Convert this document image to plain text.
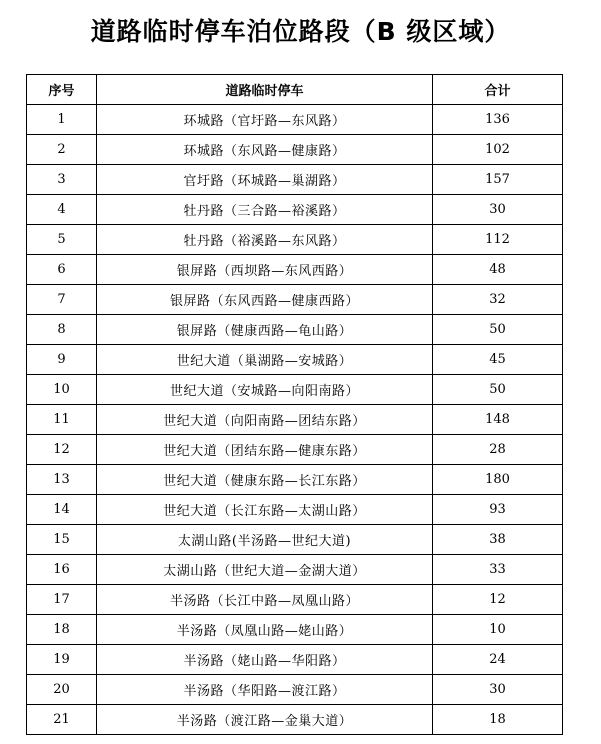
道路临时停车泊位路段（B 级区域）
序号	道路临时停车	合计
1	环城路（官圩路—东风路）	136
2	环城路（东风路—健康路）	102
3	官圩路（环城路—巢湖路）	157
4	牡丹路（三合路—裕溪路）	30
5	牡丹路（裕溪路—东风路）	112
6	银屏路（西坝路—东风西路）	48
7	银屏路（东风西路—健康西路）	32
8	银屏路（健康西路—龟山路）	50
9	世纪大道（巢湖路—安城路）	45
10	世纪大道（安城路—向阳南路）	50
11	世纪大道（向阳南路—团结东路）	148
12	世纪大道（团结东路—健康东路）	28
13	世纪大道（健康东路—长江东路）	180
14	世纪大道（长江东路—太湖山路）	93
15	太湖山路(半汤路—世纪大道)	38
16	太湖山路（世纪大道—金湖大道）	33
17	半汤路（长江中路—凤凰山路）	12
18	半汤路（凤凰山路—姥山路）	10
19	半汤路（姥山路—华阳路）	24
20	半汤路（华阳路—渡江路）	30
21	半汤路（渡江路—金巢大道）	18
